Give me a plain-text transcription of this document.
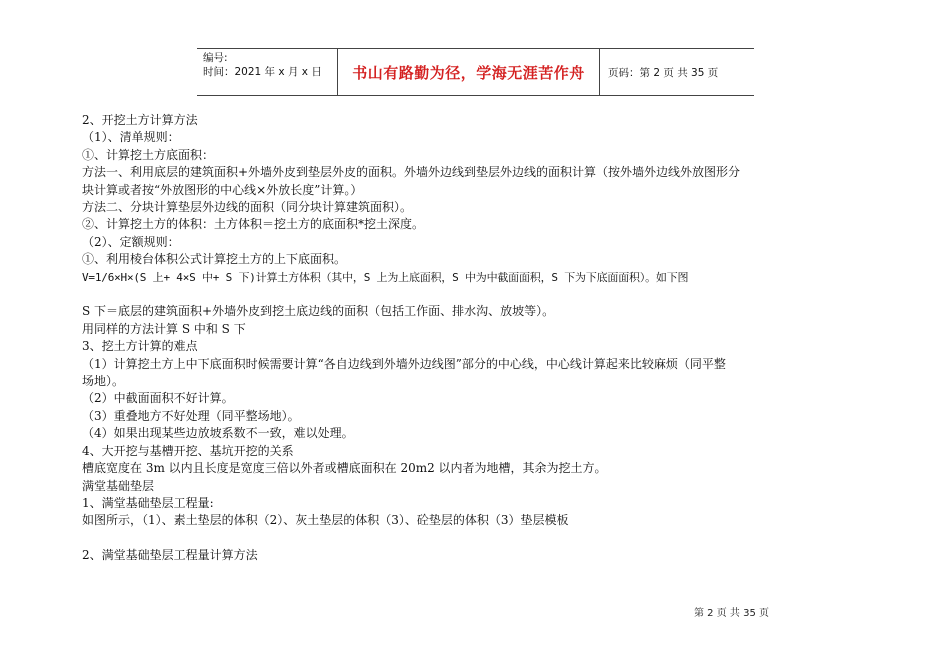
编号:
时间：2021 年 x 月 x 日	书山有路勤为径，学海无涯苦作舟 页码：第 2 页 共 35 页

2、开挖土方计算方法

（1）、清单规则：

①、计算挖土方底面积：

方法一、利用底层的建筑面积+外墙外皮到垫层外皮的面积。外墙外边线到垫层外边线的面积计算（按外墙外边线外放图形分

块计算或者按“外放图形的中心线×外放长度”计算。）

方法二、分块计算垫层外边线的面积（同分块计算建筑面积）。

②、计算挖土方的体积：土方体积＝挖土方的底面积*挖土深度。

（2）、定额规则：

①、利用棱台体积公式计算挖土方的上下底面积。

V=1/6×H×(S 上+ 4×S 中+ S 下)计算土方体积（其中，S 上为上底面积，S 中为中截面面积，S 下为下底面面积）。如下图

S 下＝底层的建筑面积+外墙外皮到挖土底边线的面积（包括工作面、排水沟、放坡等）。

用同样的方法计算 S 中和 S 下

3、挖土方计算的难点

（1）计算挖土方上中下底面积时候需要计算“各自边线到外墙外边线图”部分的中心线，中心线计算起来比较麻烦（同平整

场地）。

（2）中截面面积不好计算。

（3）重叠地方不好处理（同平整场地）。

（4）如果出现某些边放坡系数不一致，难以处理。

4、大开挖与基槽开挖、基坑开挖的关系

槽底宽度在 3m 以内且长度是宽度三倍以外者或槽底面积在 20m2 以内者为地槽，其余为挖土方。

满堂基础垫层

1、满堂基础垫层工程量:

如图所示，（1）、素土垫层的体积（2）、灰土垫层的体积（3）、砼垫层的体积（3）垫层模板

2、满堂基础垫层工程量计算方法

第 2 页 共 35 页
